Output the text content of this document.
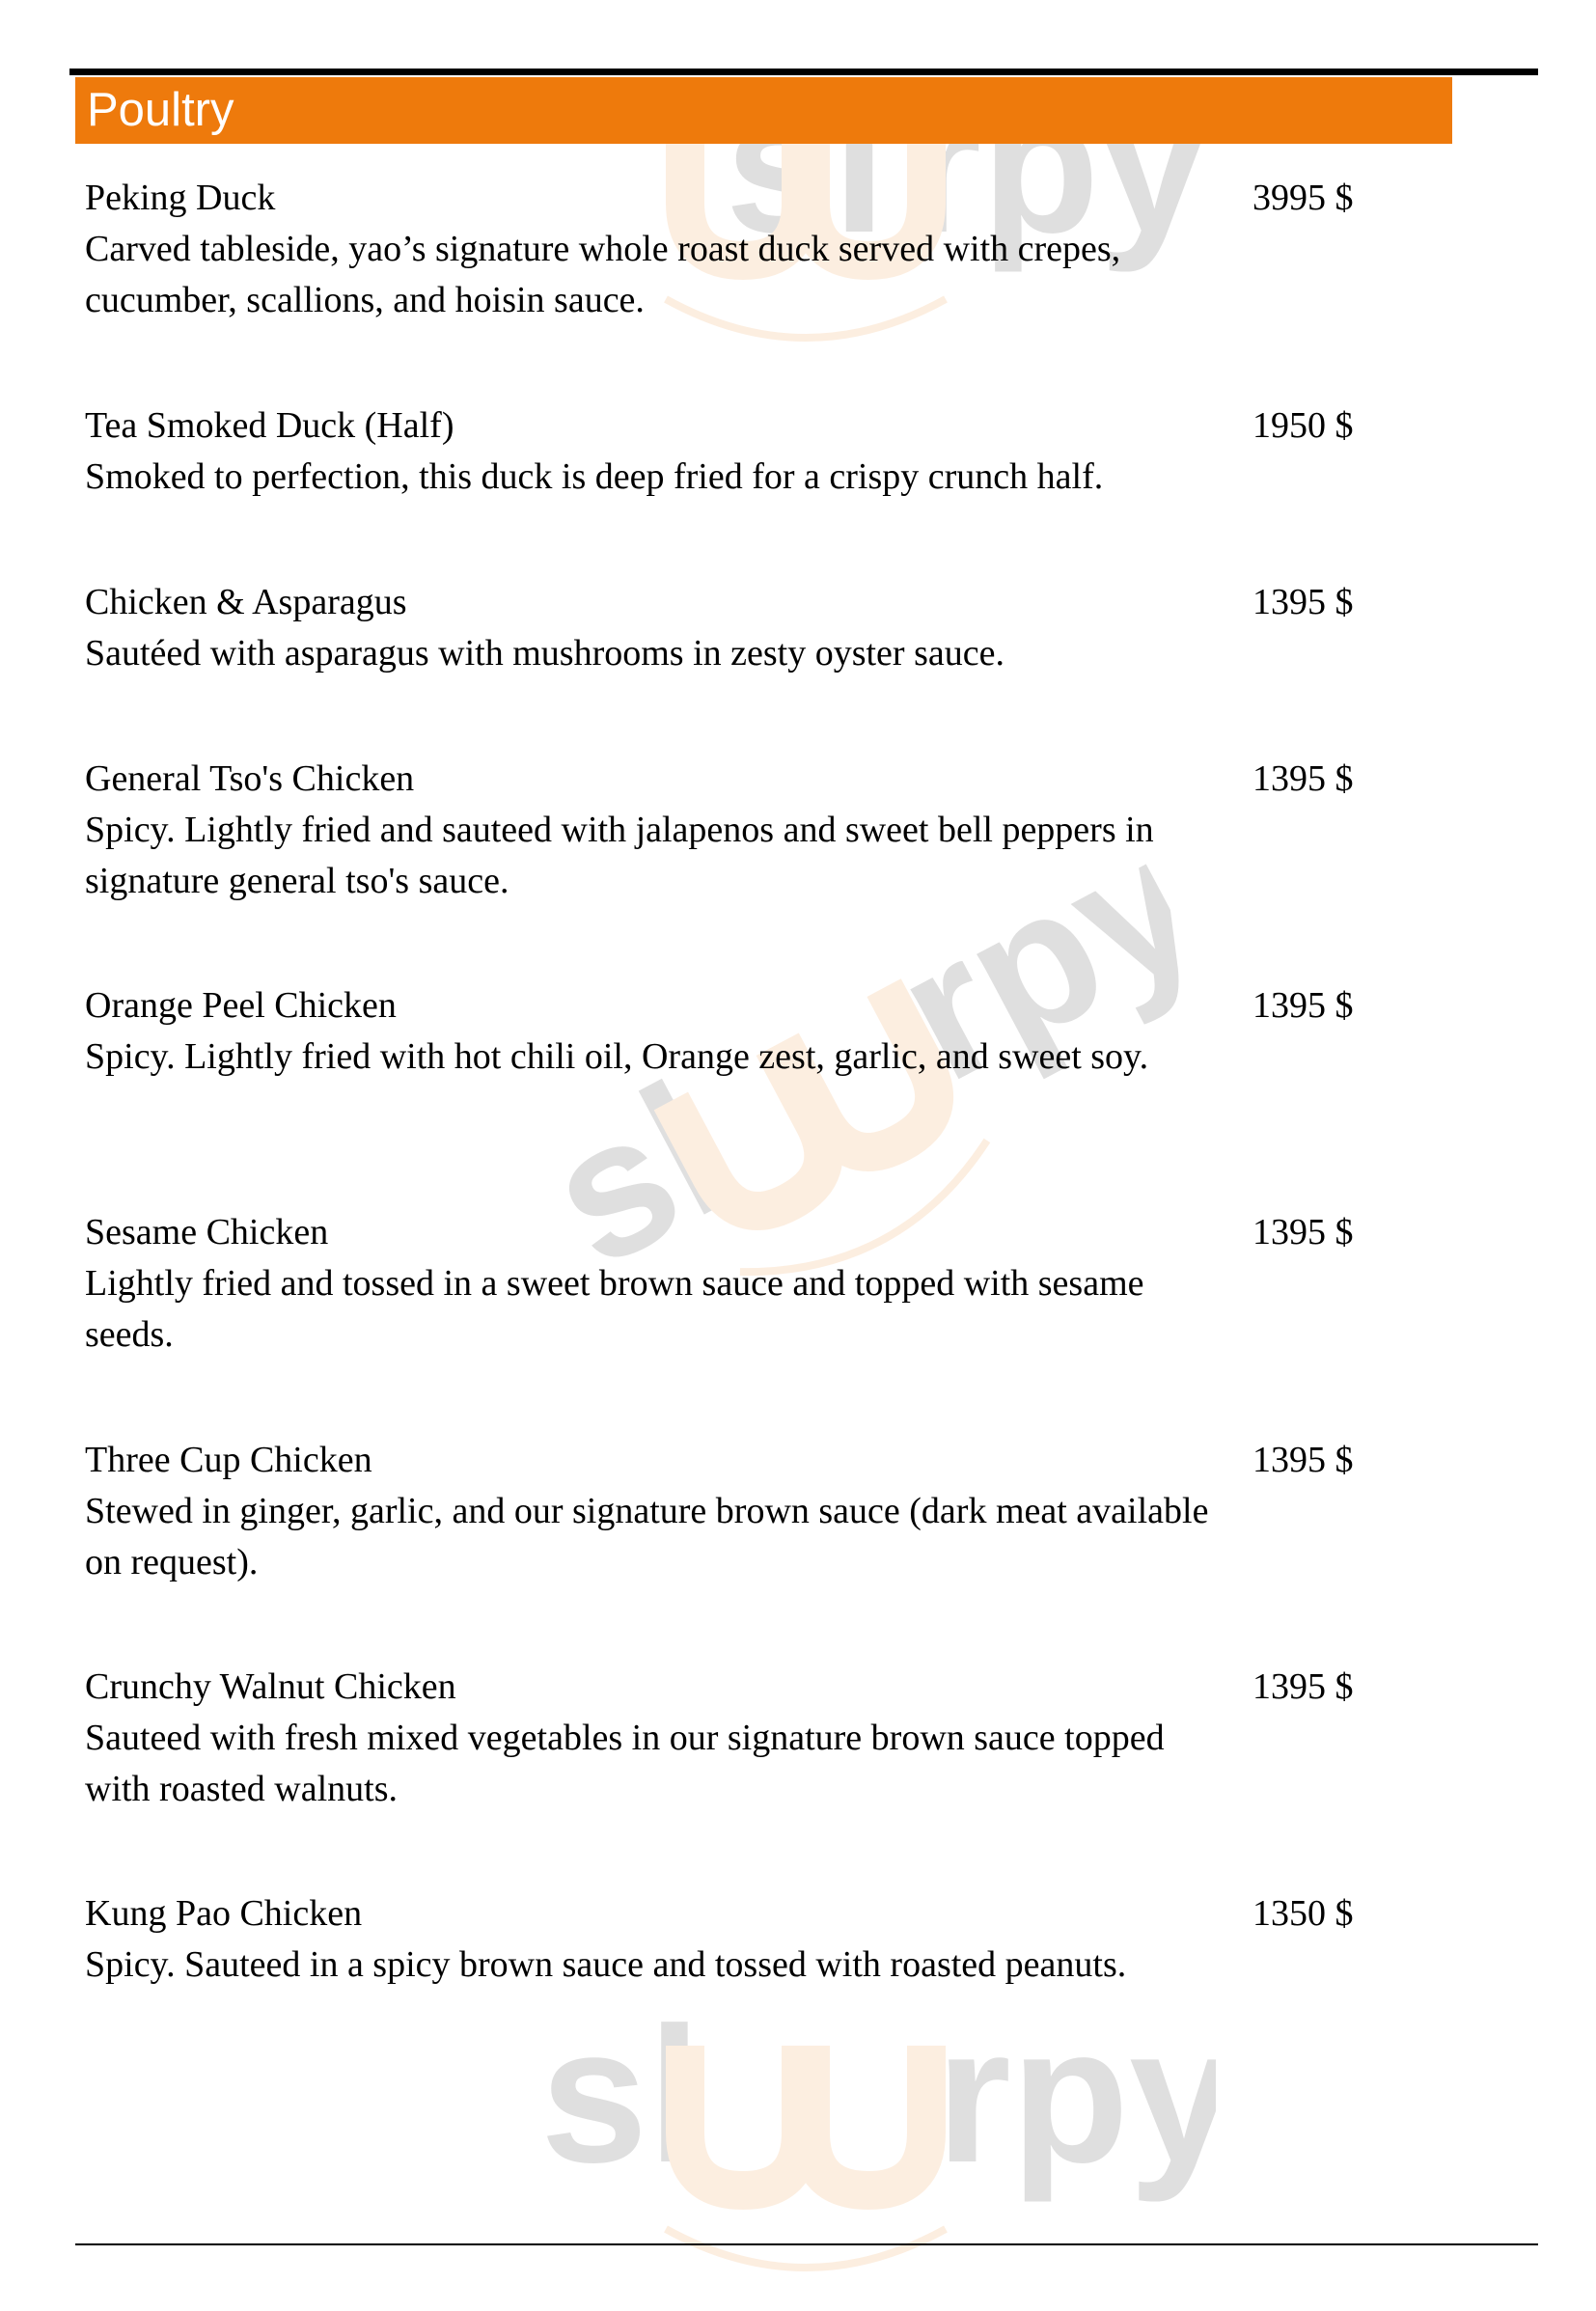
sl rpy
sl
rpy
sl rpy
Poultry
Peking Duck
Carved tableside, yao’s signature whole roast duck served with crepes, cucumber, scallions, and hoisin sauce.
3995 $
Tea Smoked Duck (Half)
Smoked to perfection, this duck is deep fried for a crispy crunch half.
1950 $
Chicken & Asparagus
Sautéed with asparagus with mushrooms in zesty oyster sauce.
1395 $
General Tso's Chicken
Spicy. Lightly fried and sauteed with jalapenos and sweet bell peppers in signature general tso's sauce.
1395 $
Orange Peel Chicken
Spicy. Lightly fried with hot chili oil, Orange zest, garlic, and sweet soy.
1395 $
Sesame Chicken
Lightly fried and tossed in a sweet brown sauce and topped with sesame seeds.
1395 $
Three Cup Chicken
Stewed in ginger, garlic, and our signature brown sauce (dark meat available on request).
1395 $
Crunchy Walnut Chicken
Sauteed with fresh mixed vegetables in our signature brown sauce topped with roasted walnuts.
1395 $
Kung Pao Chicken
Spicy. Sauteed in a spicy brown sauce and tossed with roasted peanuts.
1350 $
